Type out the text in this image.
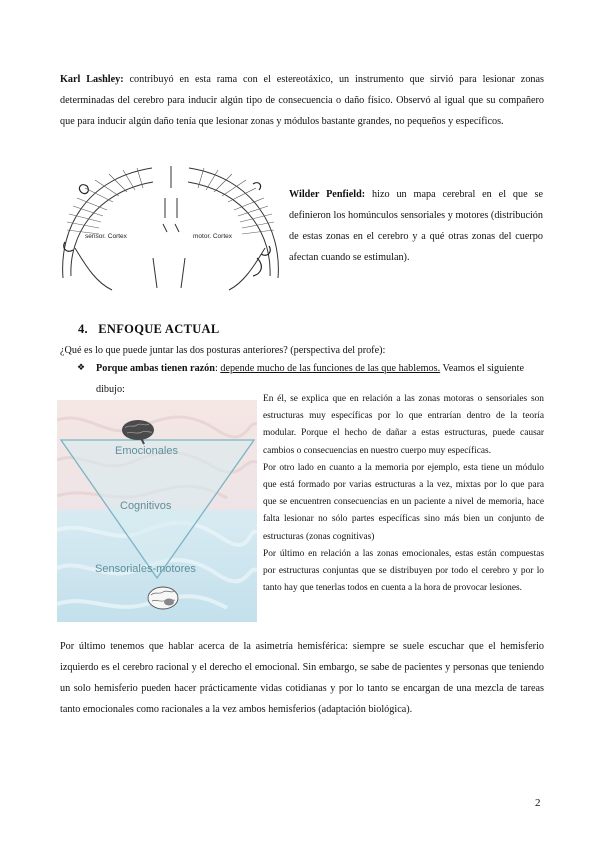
Karl Lashley: contribuyó en esta rama con el estereotáxico, un instrumento que sirvió para lesionar zonas determinadas del cerebro para inducir algún tipo de consecuencia o daño físico. Observó al igual que su compañero que para inducir algún daño tenía que lesionar zonas y módulos bastante grandes, no pequeños y específicos.
sensor. Cortex	motor. Cortex
Wilder Penfield: hizo un mapa cerebral en el que se definieron los homúnculos sensoriales y motores (distribución de estas zonas en el cerebro y a qué otras zonas del cuerpo afectan cuando se estimulan).
4. ENFOQUE ACTUAL
¿Qué es lo que puede juntar las dos posturas anteriores? (perspectiva del profe):
❖ Porque ambas tienen razón: depende mucho de las funciones de las que hablemos. Veamos el siguiente dibujo:
Emocionales
Cognitivos
Sensoriales-motores
En él, se explica que en relación a las zonas motoras o sensoriales son estructuras muy específicas por lo que entrarían dentro de la teoría modular. Porque el hecho de dañar a estas estructuras, puede causar cambios o consecuencias en nuestro cuerpo muy específicas.
Por otro lado en cuanto a la memoria por ejemplo, esta tiene un módulo que está formado por varias estructuras a la vez, mixtas por lo que para que se encuentren consecuencias en un paciente a nivel de memoria, hace falta lesionar no sólo partes específicas sino más bien un conjunto de estructuras (zonas cognitivas)
Por último en relación a las zonas emocionales, estas están compuestas por estructuras conjuntas que se distribuyen por todo el cerebro y por lo tanto hay que tenerlas todos en cuenta a la hora de provocar lesiones.
Por último tenemos que hablar acerca de la asimetría hemisférica: siempre se suele escuchar que el hemisferio izquierdo es el cerebro racional y el derecho el emocional. Sin embargo, se sabe de pacientes y personas que teniendo un solo hemisferio pueden hacer prácticamente vidas cotidianas y por lo tanto se encargan de una mezcla de tareas tanto emocionales como racionales a la vez ambos hemisferios (adaptación biológica).
2
